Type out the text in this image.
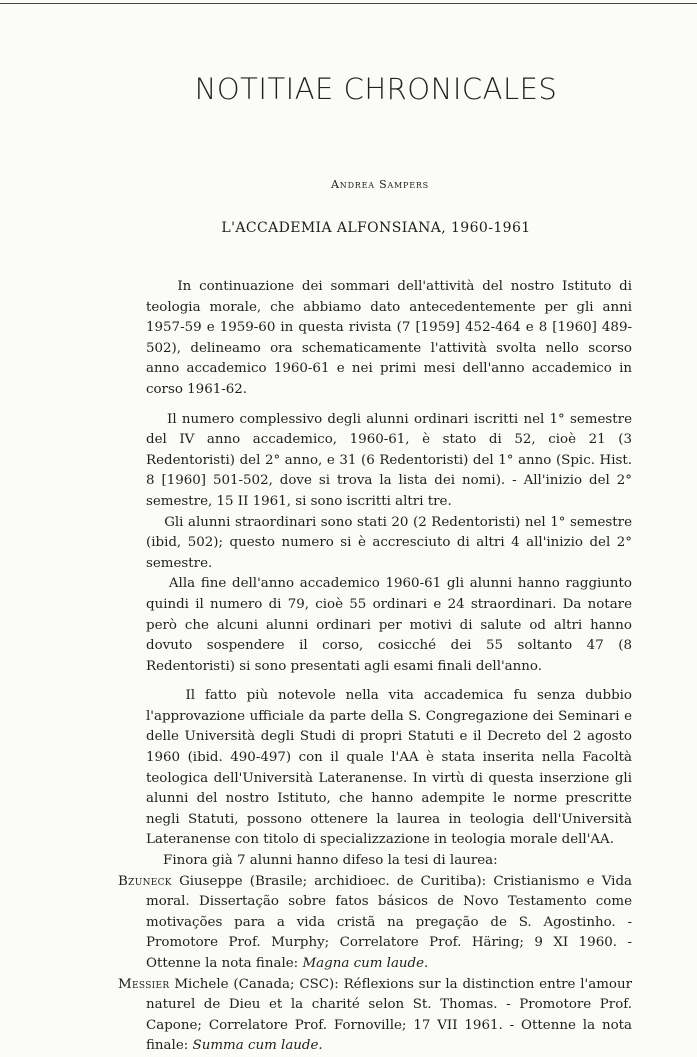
NOTITIAE CHRONICALES
Andrea Sampers
L'ACCADEMIA ALFONSIANA, 1960-1961

In continuazione dei sommari dell'attività del nostro Istituto di teologia morale, che abbiamo dato antecedentemente per gli anni 1957-59 e 1959-60 in questa rivista (7 [1959] 452-464 e 8 [1960] 489-502), delineamo ora schematicamente l'attività svolta nello scorso anno accademico 1960-61 e nei primi mesi dell'anno accademico in corso 1961-62.

Il numero complessivo degli alunni ordinari iscritti nel 1° semestre del IV anno accademico, 1960-61, è stato di 52, cioè 21 (3 Redentoristi) del 2° anno, e 31 (6 Redentoristi) del 1° anno (Spic. Hist. 8 [1960] 501-502, dove si trova la lista dei nomi). - All'inizio del 2° semestre, 15 II 1961, si sono iscritti altri tre.

Gli alunni straordinari sono stati 20 (2 Redentoristi) nel 1° semestre (ibid, 502); questo numero si è accresciuto di altri 4 all'inizio del 2° semestre.

Alla fine dell'anno accademico 1960-61 gli alunni hanno raggiunto quindi il numero di 79, cioè 55 ordinari e 24 straordinari. Da notare però che alcuni alunni ordinari per motivi di salute od altri hanno dovuto sospendere il corso, cosicché dei 55 soltanto 47 (8 Redentoristi) si sono presentati agli esami finali dell'anno.

Il fatto più notevole nella vita accademica fu senza dubbio l'approvazione ufficiale da parte della S. Congregazione dei Seminari e delle Università degli Studi di propri Statuti e il Decreto del 2 agosto 1960 (ibid. 490-497) con il quale l'AA è stata inserita nella Facoltà teologica dell'Università Lateranense. In virtù di questa inserzione gli alunni del nostro Istituto, che hanno adempite le norme prescritte negli Statuti, possono ottenere la laurea in teologia dell'Università Lateranense con titolo di specializzazione in teologia morale dell'AA.

Finora già 7 alunni hanno difeso la tesi di laurea:

Bzuneck Giuseppe (Brasile; archidioec. de Curitiba): Cristianismo e Vida moral. Dissertação sobre fatos básicos de Novo Testamento come motivações para a vida cristã na pregação de S. Agostinho. - Promotore Prof. Murphy; Correlatore Prof. Häring; 9 XI 1960. - Ottenne la nota finale: Magna cum laude.

Messier Michele (Canada; CSC): Réflexions sur la distinction entre l'amour naturel de Dieu et la charité selon St. Thomas. - Promotore Prof. Capone; Correlatore Prof. Fornoville; 17 VII 1961. - Ottenne la nota finale: Summa cum laude.
